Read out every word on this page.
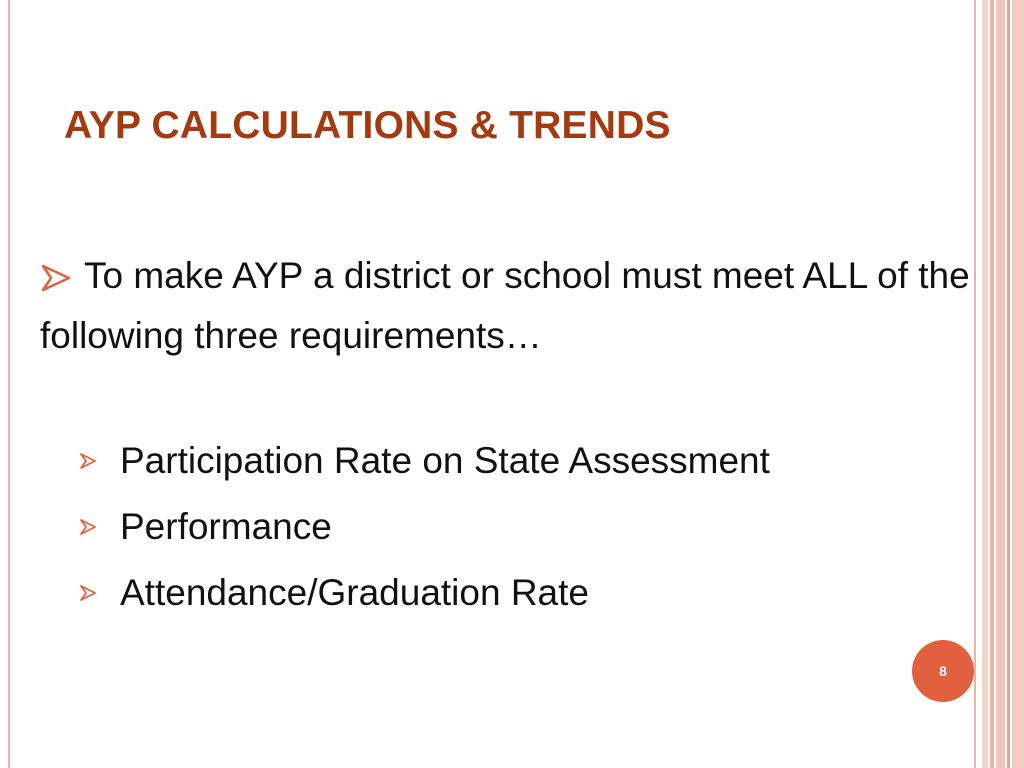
AYP CALCULATIONS & TRENDS
To make AYP a district or school must meet ALL of the following three requirements…
Participation Rate on State Assessment
Performance
Attendance/Graduation Rate
8
